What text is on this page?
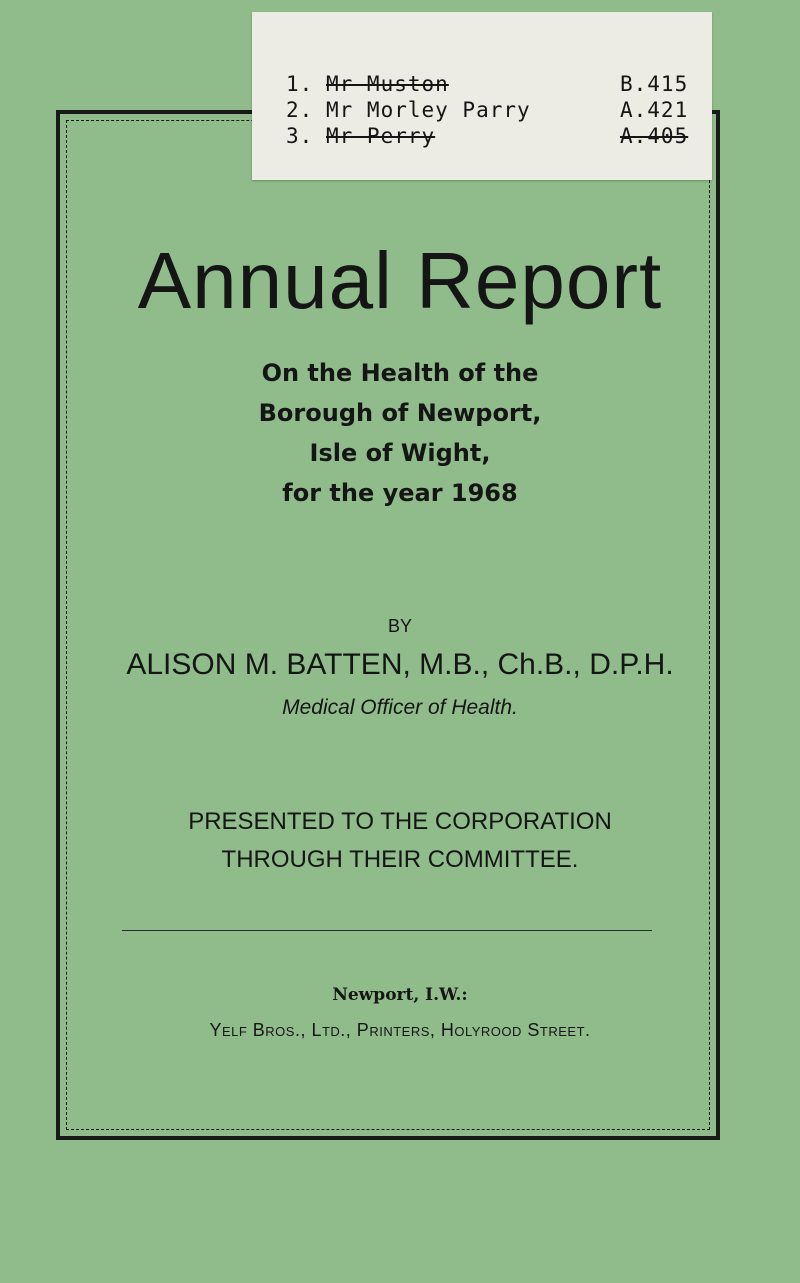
1. Mr Muston	B.415
2. Mr Morley Parry	A.421
3. Mr Perry	A.405
Annual Report
On the Health of the
Borough of Newport,
Isle of Wight,
for the year 1968
BY
ALISON M. BATTEN, M.B., Ch.B., D.P.H.
Medical Officer of Health.
PRESENTED TO THE CORPORATION
THROUGH THEIR COMMITTEE.
Newport, I.W.:
Yelf Bros., Ltd., Printers, Holyrood Street.
